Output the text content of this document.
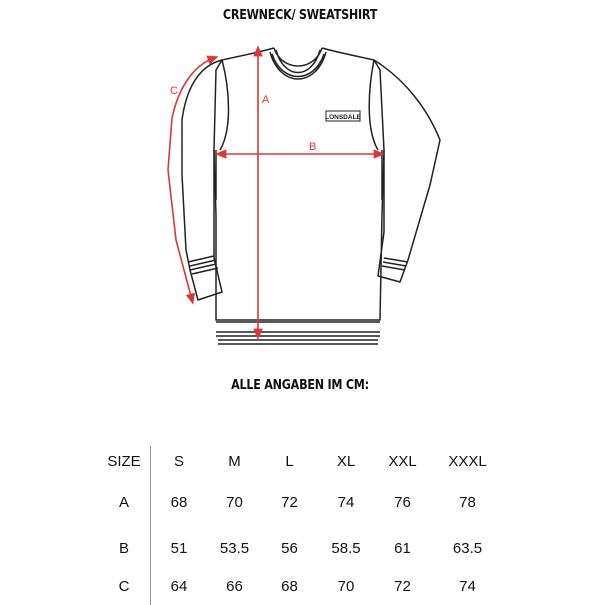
CREWNECK/ SWEATSHIRT
LONSDALE
A
B
C
ALLE ANGABEN IM CM:
SIZE	S	M	L	XL	XXL	XXXL
A	68	70	72	74	76	78
B	51	53.5	56	58.5	61	63.5
C	64	66	68	70	72	74
